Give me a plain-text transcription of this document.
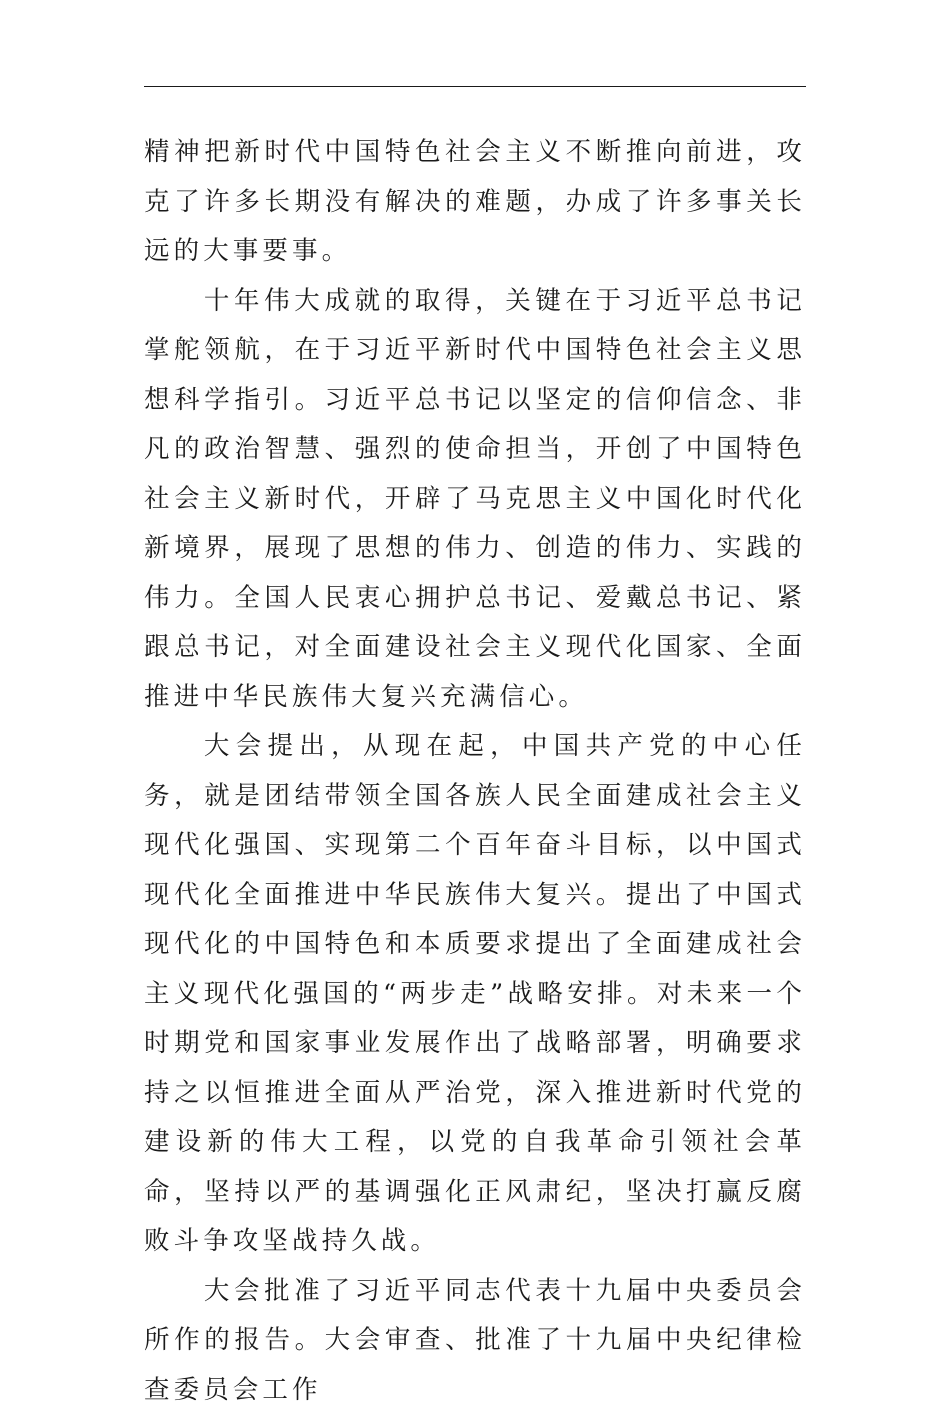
精神把新时代中国特色社会主义不断推向前进，攻克了许多长期没有解决的难题，办成了许多事关长远的大事要事。

十年伟大成就的取得，关键在于习近平总书记掌舵领航，在于习近平新时代中国特色社会主义思想科学指引。习近平总书记以坚定的信仰信念、非凡的政治智慧、强烈的使命担当，开创了中国特色社会主义新时代，开辟了马克思主义中国化时代化新境界，展现了思想的伟力、创造的伟力、实践的伟力。全国人民衷心拥护总书记、爱戴总书记、紧跟总书记，对全面建设社会主义现代化国家、全面推进中华民族伟大复兴充满信心。

大会提出，从现在起，中国共产党的中心任务，就是团结带领全国各族人民全面建成社会主义现代化强国、实现第二个百年奋斗目标，以中国式现代化全面推进中华民族伟大复兴。提出了中国式现代化的中国特色和本质要求提出了全面建成社会主义现代化强国的“两步走”战略安排。对未来一个时期党和国家事业发展作出了战略部署，明确要求持之以恒推进全面从严治党，深入推进新时代党的建设新的伟大工程，以党的自我革命引领社会革命，坚持以严的基调强化正风肃纪，坚决打赢反腐败斗争攻坚战持久战。

大会批准了习近平同志代表十九届中央委员会所作的报告。大会审查、批准了十九届中央纪律检查委员会工作
